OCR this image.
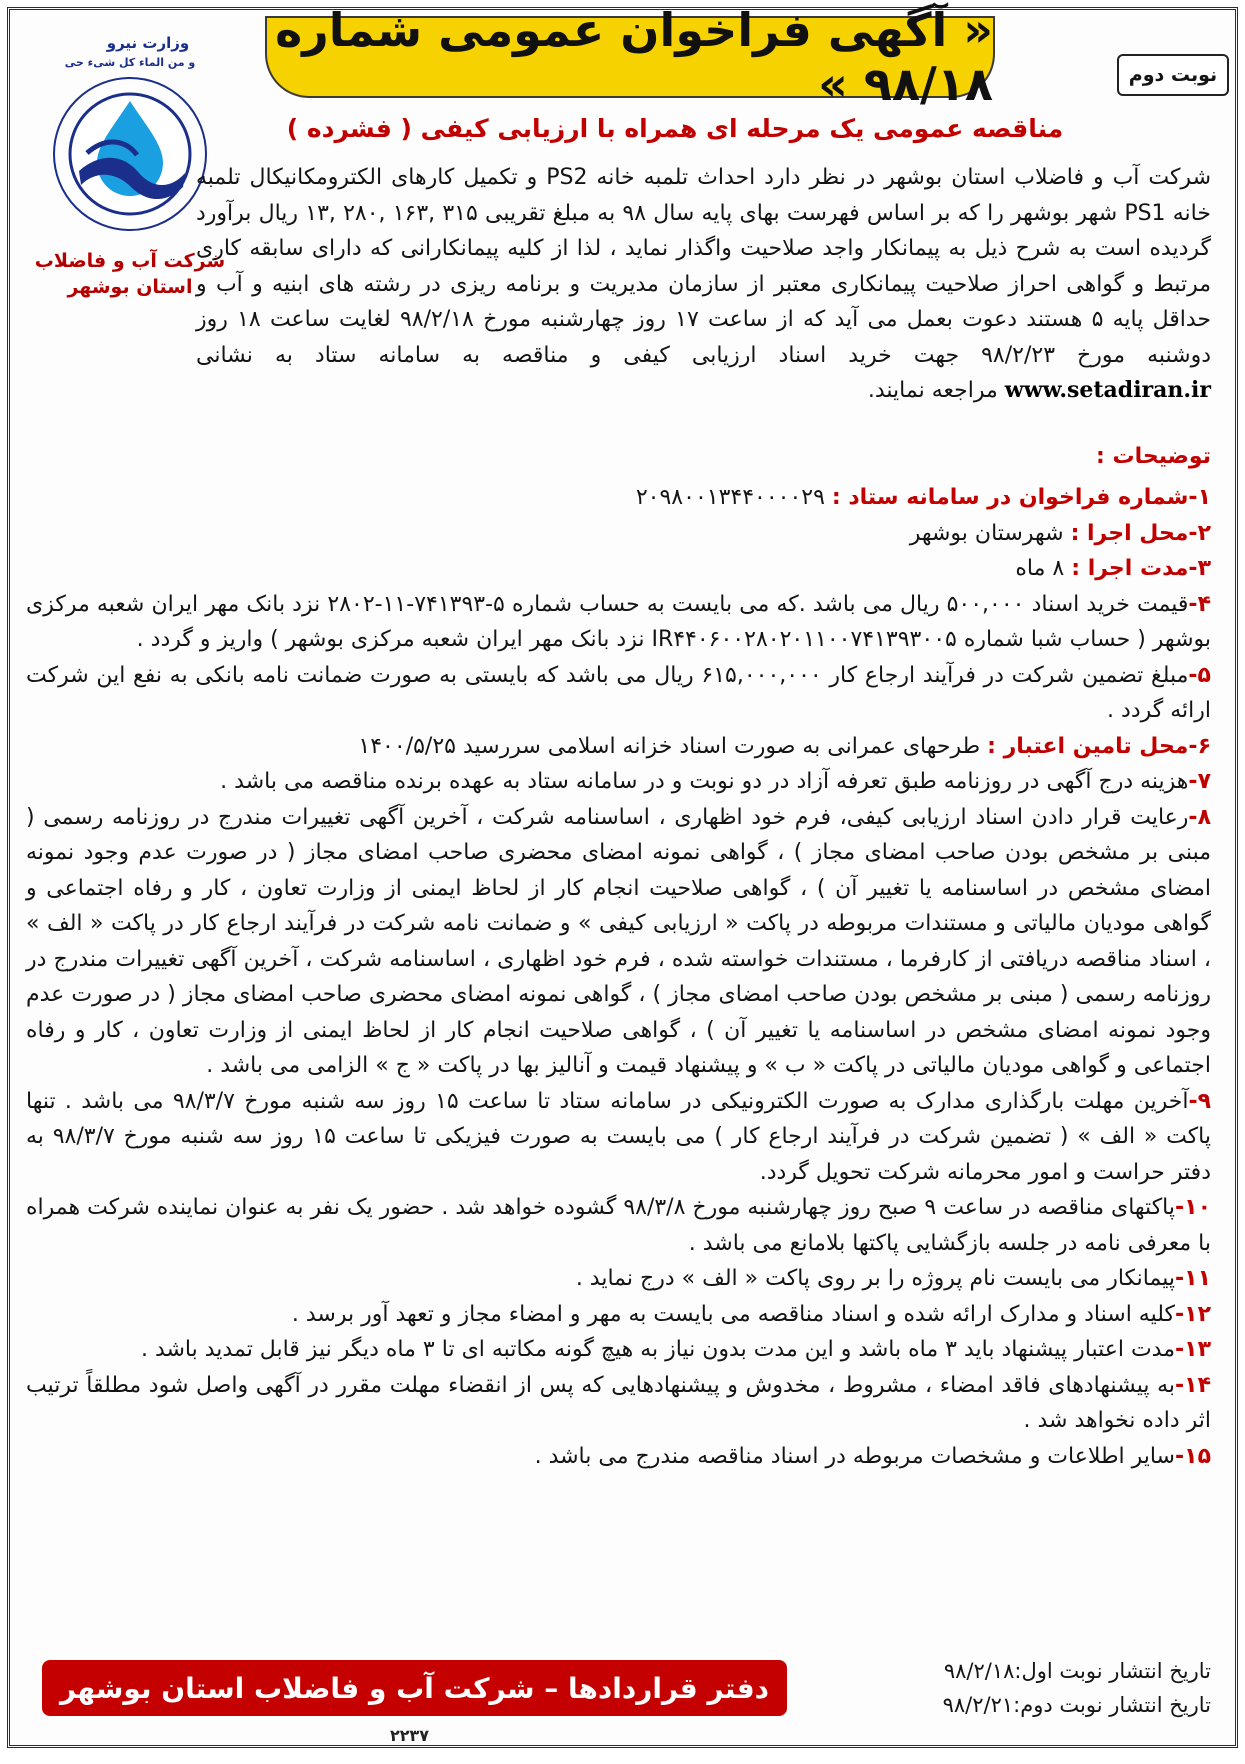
« آگهی فراخوان عمومی شماره ۹۸/۱۸ »	نوبت دوم
وزارت نیرو
و من الماء کل شیء حی
شرکت آب و فاضلاب
استان بوشهر
مناقصه عمومی یک مرحله ای همراه با ارزیابی کیفی ( فشرده )
شرکت آب و فاضلاب استان بوشهر در نظر دارد احداث تلمبه خانه PS2 و تکمیل کارهای الکترومکانیکال تلمبه خانه PS1 شهر بوشهر را که بر اساس فهرست بهای پایه سال ۹۸ به مبلغ تقریبی ۳۱۵ ,۱۶۳ ,۲۸۰ ,۱۳ ریال برآورد گردیده است به شرح ذیل به پیمانکار واجد صلاحیت واگذار نماید ، لذا از کلیه پیمانکارانی که دارای سابقه کاری مرتبط و گواهی احراز صلاحیت پیمانکاری معتبر از سازمان مدیریت و برنامه ریزی در رشته های ابنیه و آب و حداقل پایه ۵ هستند دعوت بعمل می آید که از ساعت ۱۷ روز چهارشنبه مورخ ۹۸/۲/۱۸ لغایت ساعت ۱۸ روز دوشنبه مورخ ۹۸/۲/۲۳ جهت خرید اسناد ارزیابی کیفی و مناقصه به سامانه ستاد به نشانی www.setadiran.ir مراجعه نمایند.
توضیحات :
۱-شماره فراخوان در سامانه ستاد : ۲۰۹۸۰۰۱۳۴۴۰۰۰۰۲۹
۲-محل اجرا : شهرستان بوشهر
۳-مدت اجرا : ۸ ماه
۴-قیمت خرید اسناد ۵۰۰,۰۰۰ ریال می باشد .که می بایست به حساب شماره ۵-۷۴۱۳۹۳-۱۱-۲۸۰۲ نزد بانک مهر ایران شعبه مرکزی بوشهر ( حساب شبا شماره IR۴۴۰۶۰۰۲۸۰۲۰۱۱۰۰۷۴۱۳۹۳۰۰۵ نزد بانک مهر ایران شعبه مرکزی بوشهر ) واریز و گردد .
۵-مبلغ تضمین شرکت در فرآیند ارجاع کار ۶۱۵,۰۰۰,۰۰۰ ریال می باشد که بایستی به صورت ضمانت نامه بانکی به نفع این شرکت ارائه گردد .
۶-محل تامین اعتبار : طرحهای عمرانی به صورت اسناد خزانه اسلامی سررسید ۱۴۰۰/۵/۲۵
۷-هزینه درج آگهی در روزنامه طبق تعرفه آزاد در دو نوبت و در سامانه ستاد به عهده برنده مناقصه می باشد .
۸-رعایت قرار دادن اسناد ارزیابی کیفی، فرم خود اظهاری ، اساسنامه شرکت ، آخرین آگهی تغییرات مندرج در روزنامه رسمی ( مبنی بر مشخص بودن صاحب امضای مجاز ) ، گواهی نمونه امضای محضری صاحب امضای مجاز ( در صورت عدم وجود نمونه امضای مشخص در اساسنامه یا تغییر آن ) ، گواهی صلاحیت انجام کار از لحاظ ایمنی از وزارت تعاون ، کار و رفاه اجتماعی و گواهی مودیان مالیاتی و مستندات مربوطه در پاکت « ارزیابی کیفی » و ضمانت نامه شرکت در فرآیند ارجاع کار در پاکت « الف » ، اسناد مناقصه دریافتی از کارفرما ، مستندات خواسته شده ، فرم خود اظهاری ، اساسنامه شرکت ، آخرین آگهی تغییرات مندرج در روزنامه رسمی ( مبنی بر مشخص بودن صاحب امضای مجاز ) ، گواهی نمونه امضای محضری صاحب امضای مجاز ( در صورت عدم وجود نمونه امضای مشخص در اساسنامه یا تغییر آن ) ، گواهی صلاحیت انجام کار از لحاظ ایمنی از وزارت تعاون ، کار و رفاه اجتماعی و گواهی مودیان مالیاتی در پاکت « ب » و پیشنهاد قیمت و آنالیز بها در پاکت « ج » الزامی می باشد .
۹-آخرین مهلت بارگذاری مدارک به صورت الکترونیکی در سامانه ستاد تا ساعت ۱۵ روز سه شنبه مورخ ۹۸/۳/۷ می باشد . تنها پاکت « الف » ( تضمین شرکت در فرآیند ارجاع کار ) می بایست به صورت فیزیکی تا ساعت ۱۵ روز سه شنبه مورخ ۹۸/۳/۷ به دفتر حراست و امور محرمانه شرکت تحویل گردد.
۱۰-پاکتهای مناقصه در ساعت ۹ صبح روز چهارشنبه مورخ ۹۸/۳/۸ گشوده خواهد شد . حضور یک نفر به عنوان نماینده شرکت همراه با معرفی نامه در جلسه بازگشایی پاکتها بلامانع می باشد .
۱۱-پیمانکار می بایست نام پروژه را بر روی پاکت « الف » درج نماید .
۱۲-کلیه اسناد و مدارک ارائه شده و اسناد مناقصه می بایست به مهر و امضاء مجاز و تعهد آور برسد .
۱۳-مدت اعتبار پیشنهاد باید ۳ ماه باشد و این مدت بدون نیاز به هیچ گونه مکاتبه ای تا ۳ ماه دیگر نیز قابل تمدید باشد .
۱۴-به پیشنهادهای فاقد امضاء ، مشروط ، مخدوش و پیشنهادهایی که پس از انقضاء مهلت مقرر در آگهی واصل شود مطلقاً ترتیب اثر داده نخواهد شد .
۱۵-سایر اطلاعات و مشخصات مربوطه در اسناد مناقصه مندرج می باشد .
تاریخ انتشار نوبت اول:۹۸/۲/۱۸
تاریخ انتشار نوبت دوم:۹۸/۲/۲۱
دفتر قراردادها – شرکت آب و فاضلاب استان بوشهر
۲۲۳۷
